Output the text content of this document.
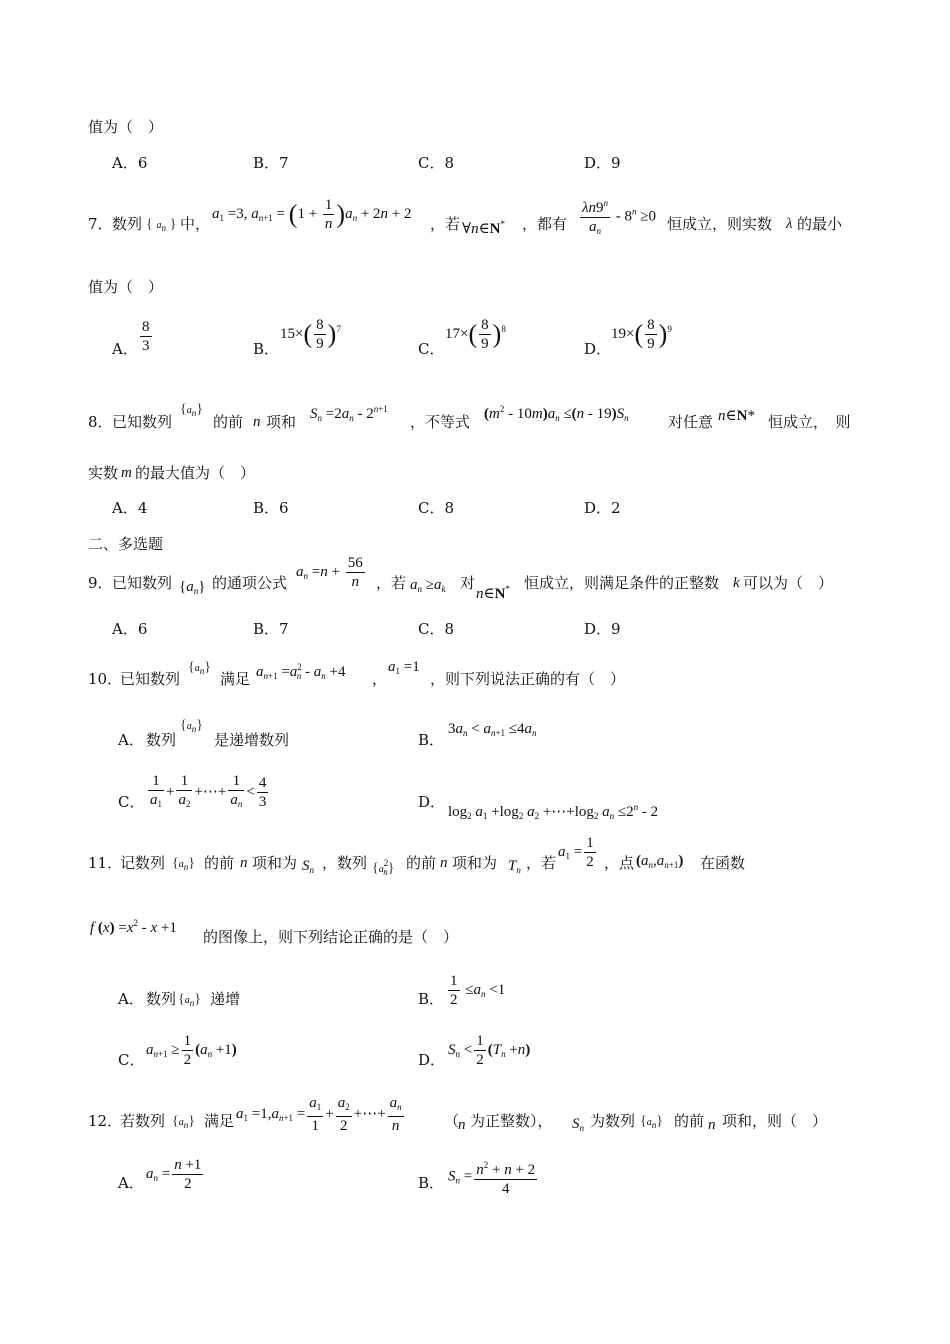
值为（　）
A．6	B．7	C．8	D．9
7． 数列 { $a_n$ } 中，
$a_1 =3$, $a_{n+1} = (1 + \frac{1}{n} )a_n + 2n + 2$
，若 ∀n∈N* ，都有 $\frac{\lambda n9^n}{a_n} - 8^n \ge 0$ 恒成立，则实数 λ 的最小
值为（　）
A． $\frac{8}{3}$	B．
$15\times( \frac{8}{9} )^7$
C．
$17\times( \frac{8}{9} )^8$
D．
$19\times( \frac{8}{9} )^9$
8． 已知数列
$\{a_n\}$
的前 n 项和 $S_n =2a_n - 2^{n+1}$
，不等式 $(m^2 - 10m)a_n \le(n - 19)S_n$	对任意 n∈N* 恒成立，　则
实数 m 的最大值为（　）
A．4	B．6	C．8	D．2
二、多选题
9． 已知数列 $\{a_n\}$ 的通项公式
$a_n =n + \frac{56}{n}$ ，若 $a_n \ge a_k$ 对
n∈N* 恒成立，则满足条件的正整数 k 可以为（　）
A．6	B．7	C．8	D．9
10．
已知数列
$\{a_n\}$
满足 $a_{n+1} =a^2_n - a_n +4$ ，
$a_1 =1$
，则下列说法正确的有（　）
A． 数列
$\{a_n\}$
是递增数列	B．
$3a_n < a_{n+1} \le 4a_n$
C． $\frac{1}{a_1} + \frac{1}{a_2}$ +⋯+ $\frac{1}{a_n} < \frac{4}{3}$	D．
$\log_2 a_1 +\log_2$ $a_2$ $+\cdots+\log_2$ $a_n \le 2^n - 2$
11．
记数列 $\{a_n\}$ 的前 n 项和为 $S_n$ ，数列 $\{a^2_n\}$ 的前 n 项和为 $T_n$ ，若
$a_1 = \frac{1}{2}$ ，点 $(a_n,a_{n+1})$ 在函数
f $(x) =x^2 - x +1$ 的图像上，则下列结论正确的是（　）
A． 数列 $\{a_n\}$ 递增	B． $\frac{1}{2} \le a_n <1$
C．
$a_{n+1} \ge \frac{1}{2} (a_n +1)$
D．
$S_n < \frac{1}{2} (T_n +n)$
12．
若数列 $\{a_n\}$ 满足 $a_1 =1,a_{n+1} = \frac{a_1}{1} + \frac{a_2}{2}$ +⋯+ $\frac{a_n}{n}$	（
n 为正整数）， $S_n$ 为数列 $\{a_n\}$ 的前 n 项和，则（　）
A．
$a_n = \frac{n +1}{2}$	B． $S_n = \frac{n^2 + n + 2}{4}$
